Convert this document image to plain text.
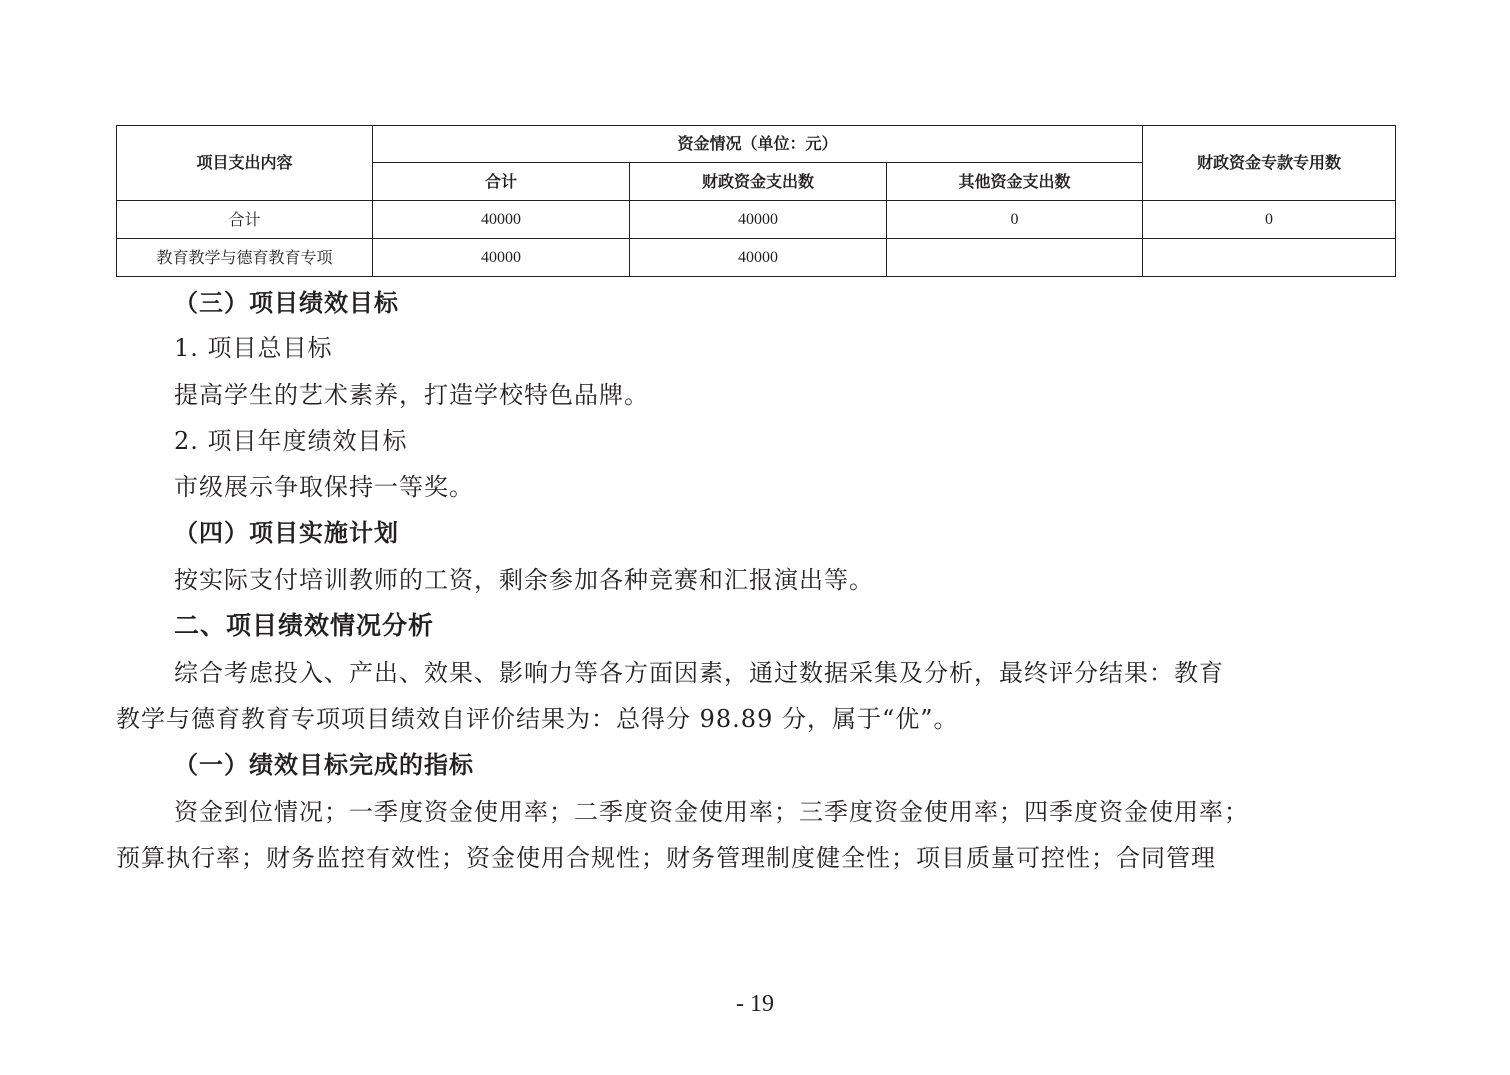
项目支出内容	资金情况（单位：元）			财政资金专款专用数
	合计	财政资金支出数	其他资金支出数	
合计	40000	40000	0	0
教育教学与德育教育专项	40000	40000		
（三）项目绩效目标
1. 项目总目标
提高学生的艺术素养，打造学校特色品牌。
2. 项目年度绩效目标
市级展示争取保持一等奖。
（四）项目实施计划
按实际支付培训教师的工资，剩余参加各种竞赛和汇报演出等。
二、项目绩效情况分析
综合考虑投入、产出、效果、影响力等各方面因素，通过数据采集及分析，最终评分结果：教育
教学与德育教育专项项目绩效自评价结果为：总得分 98.89 分，属于“优”。
（一）绩效目标完成的指标
资金到位情况；一季度资金使用率；二季度资金使用率；三季度资金使用率；四季度资金使用率；
预算执行率；财务监控有效性；资金使用合规性；财务管理制度健全性；项目质量可控性；合同管理
- 19
